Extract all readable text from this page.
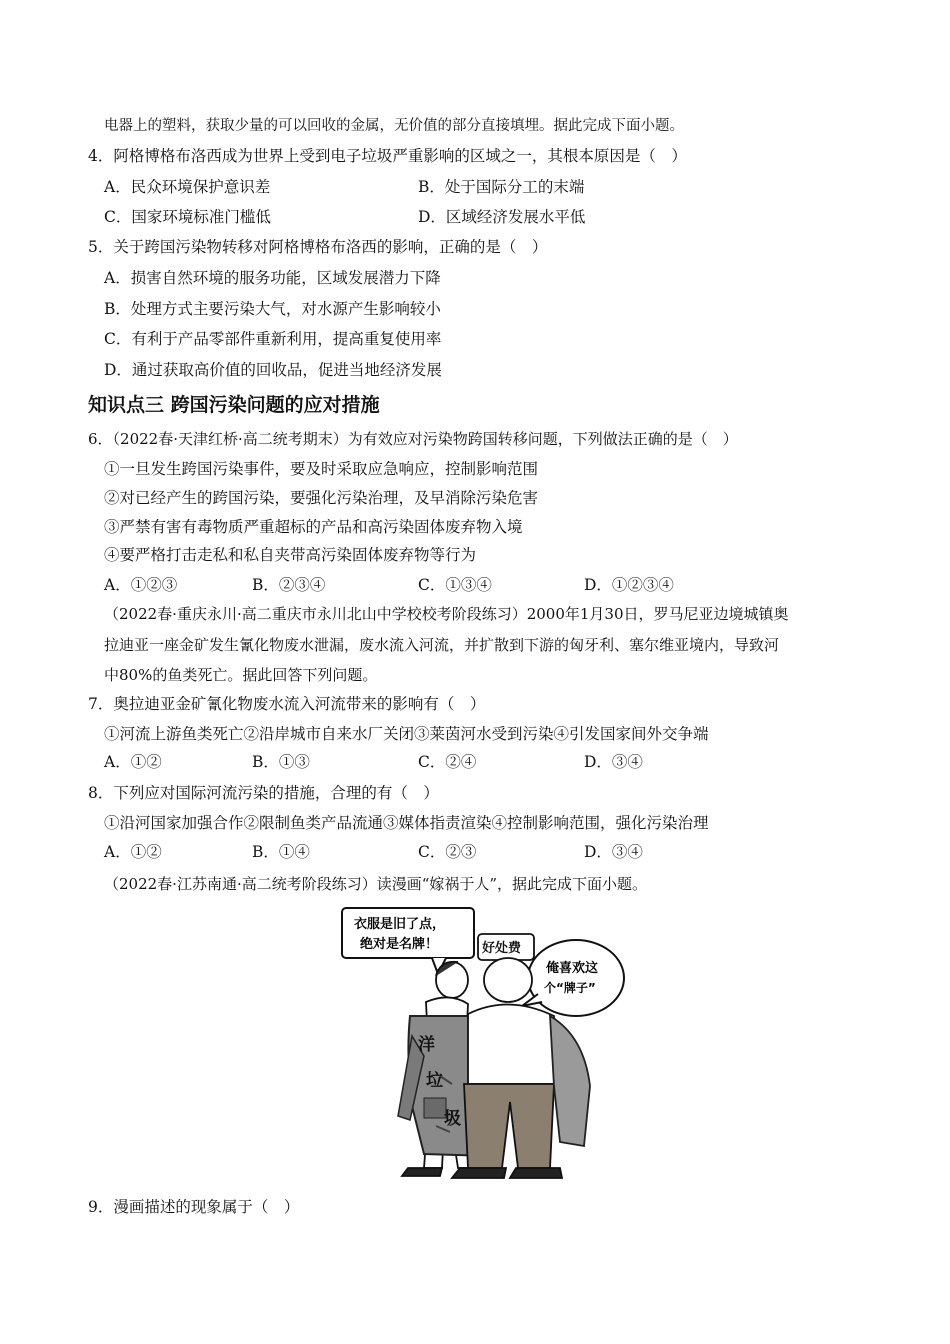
电器上的塑料，获取少量的可以回收的金属，无价值的部分直接填埋。据此完成下面小题。
4．阿格博格布洛西成为世界上受到电子垃圾严重影响的区域之一，其根本原因是（　）
A．民众环境保护意识差	B．处于国际分工的末端
C．国家环境标准门槛低	D．区域经济发展水平低
5．关于跨国污染物转移对阿格博格布洛西的影响，正确的是（　）
A．损害自然环境的服务功能，区域发展潜力下降
B．处理方式主要污染大气，对水源产生影响较小
C．有利于产品零部件重新利用，提高重复使用率
D．通过获取高价值的回收品，促进当地经济发展
知识点三 跨国污染问题的应对措施
6．（2022春·天津红桥·高二统考期末）为有效应对污染物跨国转移问题，下列做法正确的是（　）
①一旦发生跨国污染事件，要及时采取应急响应，控制影响范围
②对已经产生的跨国污染，要强化污染治理，及早消除污染危害
③严禁有害有毒物质严重超标的产品和高污染固体废弃物入境
④要严格打击走私和私自夹带高污染固体废弃物等行为
A．①②③	B．②③④	C．①③④	D．①②③④
（2022春·重庆永川·高二重庆市永川北山中学校校考阶段练习）2000年1月30日，罗马尼亚边境城镇奥
拉迪亚一座金矿发生氰化物废水泄漏，废水流入河流，并扩散到下游的匈牙利、塞尔维亚境内，导致河
中80%的鱼类死亡。据此回答下列问题。
7．奥拉迪亚金矿氰化物废水流入河流带来的影响有（　）
①河流上游鱼类死亡②沿岸城市自来水厂关闭③莱茵河水受到污染④引发国家间外交争端
A．①②	B．①③	C．②④	D．③④
8．下列应对国际河流污染的措施，合理的有（　）
①沿河国家加强合作②限制鱼类产品流通③媒体指责渲染④控制影响范围，强化污染治理
A．①②	B．①④	C．②③	D．③④
（2022春·江苏南通·高二统考阶段练习）读漫画“嫁祸于人”，据此完成下面小题。
衣服是旧了点，
绝对是名牌！
俺喜欢这
个“牌子”
洋
垃
圾
好处费
9．漫画描述的现象属于（　）
